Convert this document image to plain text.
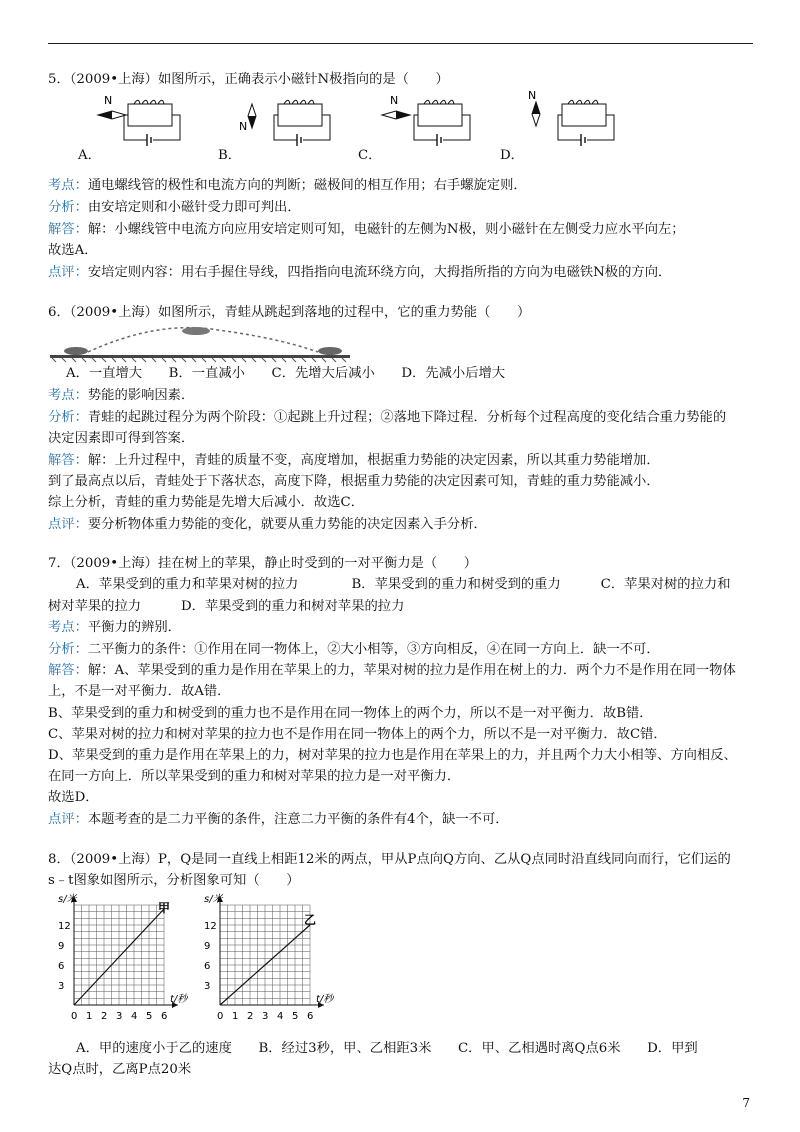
5．（2009•上海）如图所示，正确表示小磁针N极指向的是（　　）
N
A．
N
B．
N
C．
N
D．
考点：通电螺线管的极性和电流方向的判断；磁极间的相互作用；右手螺旋定则．
分析：由安培定则和小磁针受力即可判出．
解答：解：小螺线管中电流方向应用安培定则可知，电磁针的左侧为N极，则小磁针在左侧受力应水平向左；
故选A．
点评：安培定则内容：用右手握住导线，四指指向电流环绕方向，大拇指所指的方向为电磁铁N极的方向．
6．（2009•上海）如图所示，青蛙从跳起到落地的过程中，它的重力势能（　　）
A．一直增大　　B．一直减小　　C．先增大后减小　　D．先减小后增大
考点：势能的影响因素．
分析：青蛙的起跳过程分为两个阶段：①起跳上升过程；②落地下降过程．分析每个过程高度的变化结合重力势能的
决定因素即可得到答案．
解答：解：上升过程中，青蛙的质量不变，高度增加，根据重力势能的决定因素，所以其重力势能增加．
到了最高点以后，青蛙处于下落状态，高度下降，根据重力势能的决定因素可知，青蛙的重力势能减小．
综上分析，青蛙的重力势能是先增大后减小．故选C．
点评：要分析物体重力势能的变化，就要从重力势能的决定因素入手分析．
7．（2009•上海）挂在树上的苹果，静止时受到的一对平衡力是（　　）
A．苹果受到的重力和苹果对树的拉力　　　　B．苹果受到的重力和树受到的重力　　　C．苹果对树的拉力和
树对苹果的拉力　　　D．苹果受到的重力和树对苹果的拉力
考点：平衡力的辨别．
分析：二平衡力的条件：①作用在同一物体上，②大小相等，③方向相反，④在同一方向上．缺一不可．
解答：解：A、苹果受到的重力是作用在苹果上的力，苹果对树的拉力是作用在树上的力．两个力不是作用在同一物体
上，不是一对平衡力．故A错．
B、苹果受到的重力和树受到的重力也不是作用在同一物体上的两个力，所以不是一对平衡力．故B错．
C、苹果对树的拉力和树对苹果的拉力也不是作用在同一物体上的两个力，所以不是一对平衡力．故C错．
D、苹果受到的重力是作用在苹果上的力，树对苹果的拉力也是作用在苹果上的力，并且两个力大小相等、方向相反、
在同一方向上．所以苹果受到的重力和树对苹果的拉力是一对平衡力．
故选D．
点评：本题考查的是二力平衡的条件，注意二力平衡的条件有4个，缺一不可．
8．（2009•上海）P，Q是同一直线上相距12米的两点，甲从P点向Q方向、乙从Q点同时沿直线同向而行，它们运的
s﹣t图象如图所示，分析图象可知（　　）
0 1 2 3 4 5 6
3
6
9
12
t/秒
s/米
甲
0 1 2 3 4 5 6
3
6
9
12
t/秒
s/米
乙
A．甲的速度小于乙的速度　　B．经过3秒，甲、乙相距3米　　C．甲、乙相遇时离Q点6米　　D．甲到
达Q点时，乙离P点20米
7
